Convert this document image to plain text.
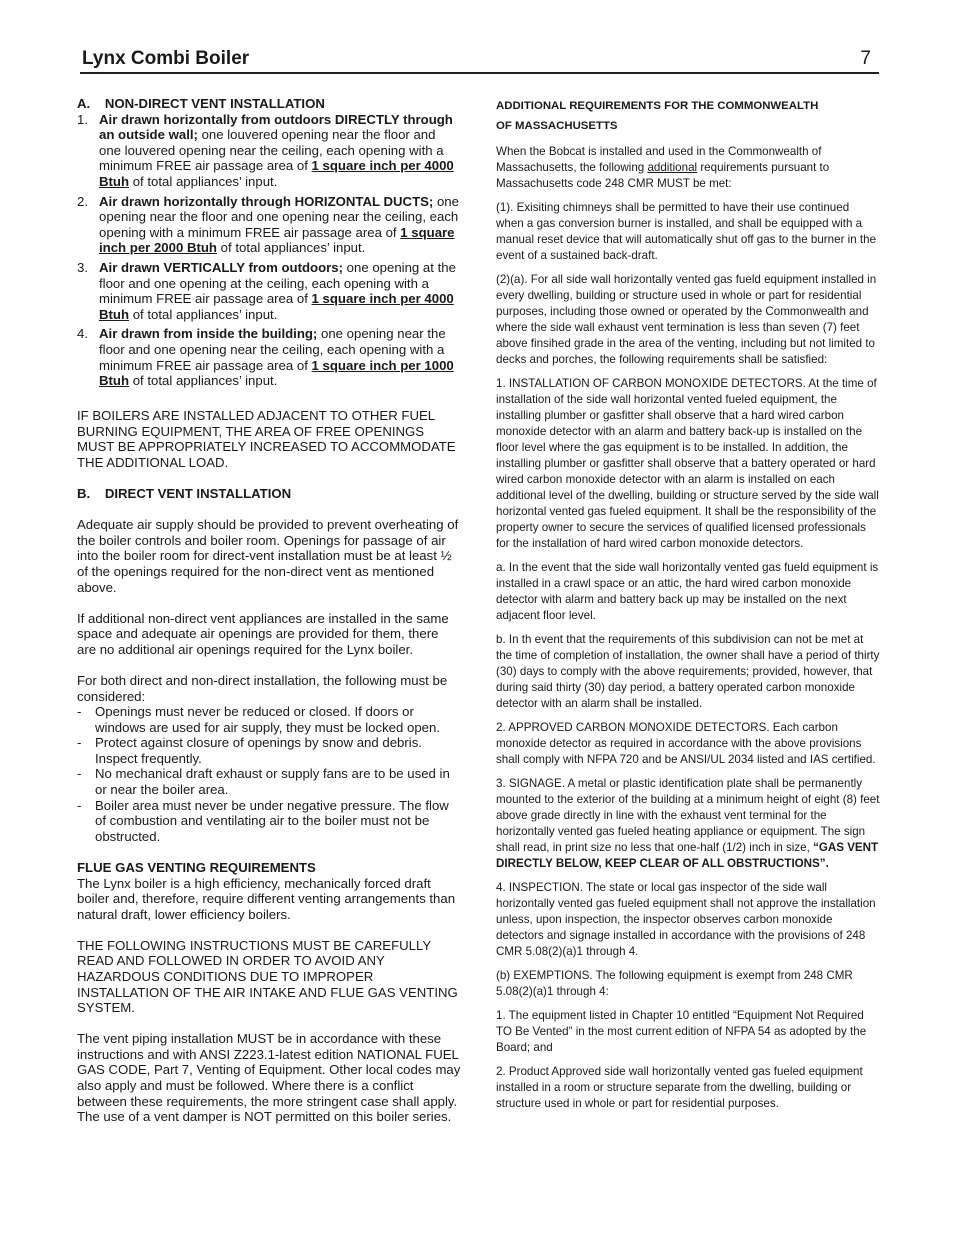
Lynx Combi Boiler	7

A. NON-DIRECT VENT INSTALLATION

1. Air drawn horizontally from outdoors DIRECTLY through an outside wall; one louvered opening near the floor and one louvered opening near the ceiling, each opening with a minimum FREE air passage area of 1 square inch per 4000 Btuh of total appliances’ input.
2. Air drawn horizontally through HORIZONTAL DUCTS; one opening near the floor and one opening near the ceiling, each opening with a minimum FREE air passage area of 1 square inch per 2000 Btuh of total appliances’ input.
3. Air drawn VERTICALLY from outdoors; one opening at the floor and one opening at the ceiling, each opening with a minimum FREE air passage area of 1 square inch per 4000 Btuh of total appliances’ input.
4. Air drawn from inside the building; one opening near the floor and one opening near the ceiling, each opening with a minimum FREE air passage area of 1 square inch per 1000 Btuh of total appliances’ input.

IF BOILERS ARE INSTALLED ADJACENT TO OTHER FUEL BURNING EQUIPMENT, THE AREA OF FREE OPENINGS MUST BE APPROPRIATELY INCREASED TO ACCOMMODATE THE ADDITIONAL LOAD.

B. DIRECT VENT INSTALLATION

Adequate air supply should be provided to prevent overheating of the boiler controls and boiler room. Openings for passage of air into the boiler room for direct-vent installation must be at least ½ of the openings required for the non-direct vent as mentioned above.

If additional non-direct vent appliances are installed in the same space and adequate air openings are provided for them, there are no additional air openings required for the Lynx boiler.

For both direct and non-direct installation, the following must be considered:

- Openings must never be reduced or closed. If doors or windows are used for air supply, they must be locked open.
- Protect against closure of openings by snow and debris. Inspect frequently.
- No mechanical draft exhaust or supply fans are to be used in or near the boiler area.
- Boiler area must never be under negative pressure. The flow of combustion and ventilating air to the boiler must not be obstructed.

FLUE GAS VENTING REQUIREMENTS

The Lynx boiler is a high efficiency, mechanically forced draft boiler and, therefore, require different venting arrangements than natural draft, lower efficiency boilers.

THE FOLLOWING INSTRUCTIONS MUST BE CAREFULLY READ AND FOLLOWED IN ORDER TO AVOID ANY HAZARDOUS CONDITIONS DUE TO IMPROPER INSTALLATION OF THE AIR INTAKE AND FLUE GAS VENTING SYSTEM.

The vent piping installation MUST be in accordance with these instructions and with ANSI Z223.1-latest edition NATIONAL FUEL GAS CODE, Part 7, Venting of Equipment. Other local codes may also apply and must be followed. Where there is a conflict between these requirements, the more stringent case shall apply. The use of a vent damper is NOT permitted on this boiler series.

ADDITIONAL REQUIREMENTS FOR THE COMMONWEALTH

OF MASSACHUSETTS

When the Bobcat is installed and used in the Commonwealth of Massachusetts, the following additional requirements pursuant to Massachusetts code 248 CMR MUST be met:

(1). Exisiting chimneys shall be permitted to have their use continued when a gas conversion burner is installed, and shall be equipped with a manual reset device that will automatically shut off gas to the burner in the event of a sustained back-draft.

(2)(a). For all side wall horizontally vented gas fueld equipment installed in every dwelling, building or structure used in whole or part for residential purposes, including those owned or operated by the Commonwealth and where the side wall exhaust vent termination is less than seven (7) feet above finsihed grade in the area of the venting, including but not limited to decks and porches, the following requirements shall be satisfied:

1. INSTALLATION OF CARBON MONOXIDE DETECTORS. At the time of installation of the side wall horizontal vented fueled equipment, the installing plumber or gasfitter shall observe that a hard wired carbon monoxide detector with an alarm and battery back-up is installed on the floor level where the gas equipment is to be installed. In addition, the installing plumber or gasfitter shall observe that a battery operated or hard wired carbon monoxide detector with an alarm is installed on each additional level of the dwelling, building or structure served by the side wall horizontal vented gas fueled equipment. It shall be the responsibility of the property owner to secure the services of qualified licensed professionals for the installation of hard wired carbon monoxide detectors.

a. In the event that the side wall horizontally vented gas fueld equipment is installed in a crawl space or an attic, the hard wired carbon monoxide detector with alarm and battery back up may be installed on the next adjacent floor level.

b. In th event that the requirements of this subdivision can not be met at the time of completion of installation, the owner shall have a period of thirty (30) days to comply with the above requirements; provided, however, that during said thirty (30) day period, a battery operated carbon monoxide detector with an alarm shall be installed.

2. APPROVED CARBON MONOXIDE DETECTORS. Each carbon monoxide detector as required in accordance with the above provisions shall comply with NFPA 720 and be ANSI/UL 2034 listed and IAS certified.

3. SIGNAGE. A metal or plastic identification plate shall be permanently mounted to the exterior of the building at a minimum height of eight (8) feet above grade directly in line with the exhaust vent terminal for the horizontally vented gas fueled heating appliance or equipment. The sign shall read, in print size no less that one-half (1/2) inch in size, “GAS VENT DIRECTLY BELOW, KEEP CLEAR OF ALL OBSTRUCTIONS”.

4. INSPECTION. The state or local gas inspector of the side wall horizontally vented gas fueled equipment shall not approve the installation unless, upon inspection, the inspector observes carbon monoxide detectors and signage installed in accordance with the provisions of 248 CMR 5.08(2)(a)1 through 4.

(b) EXEMPTIONS. The following equipment is exempt from 248 CMR 5.08(2)(a)1 through 4:

1. The equipment listed in Chapter 10 entitled “Equipment Not Required TO Be Vented” in the most current edition of NFPA 54 as adopted by the Board; and

2. Product Approved side wall horizontally vented gas fueled equipment installed in a room or structure separate from the dwelling, building or structure used in whole or part for residential purposes.
